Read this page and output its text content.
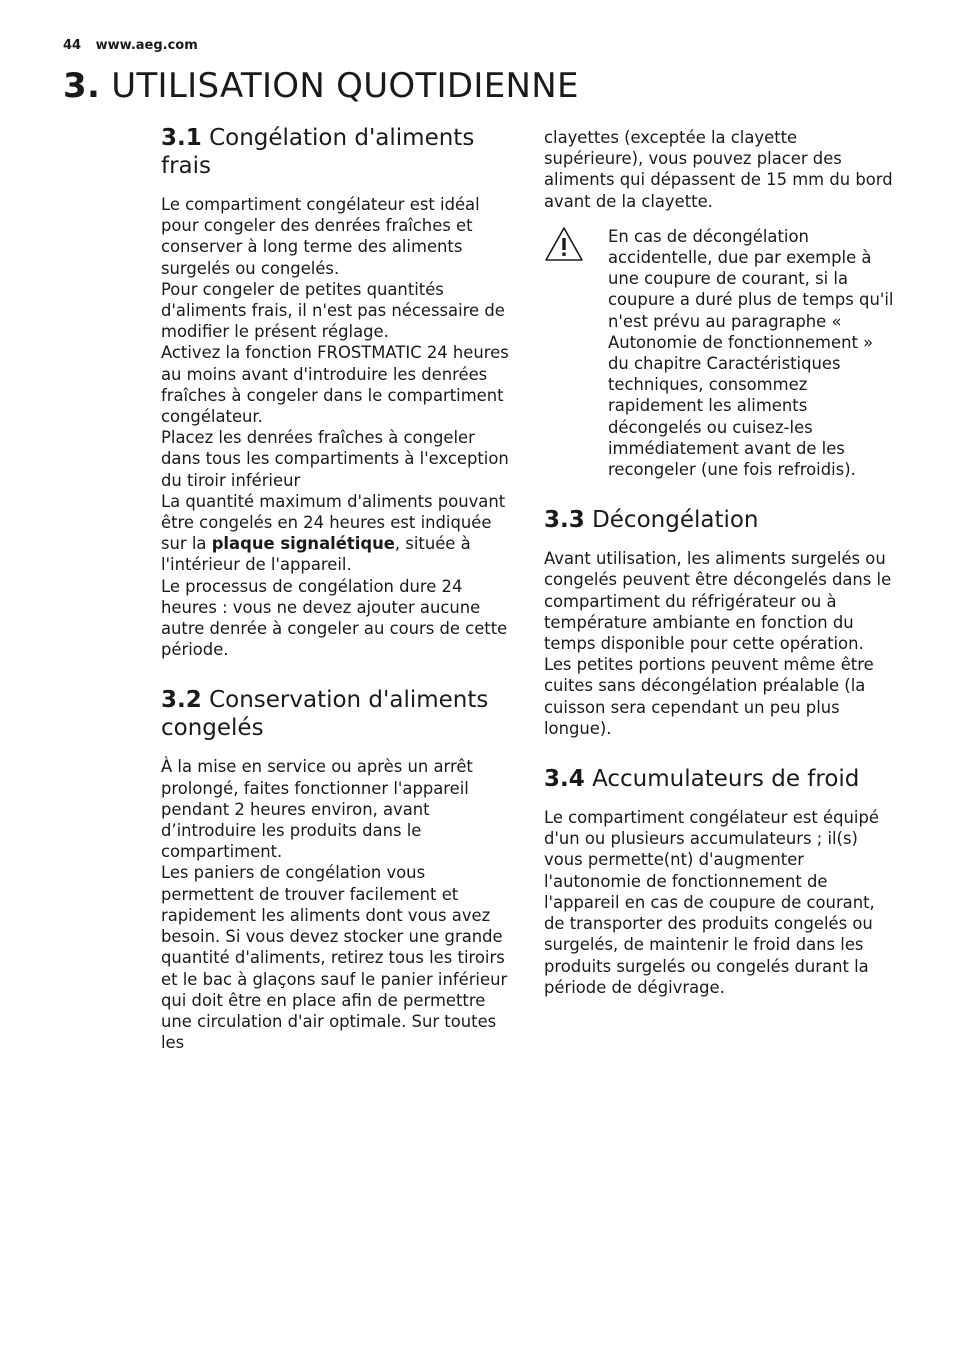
44 www.aeg.com
3. UTILISATION QUOTIDIENNE
3.1 Congélation d'aliments frais

Le compartiment congélateur est idéal pour congeler des denrées fraîches et conserver à long terme des aliments surgelés ou congelés.

Pour congeler de petites quantités d'aliments frais, il n'est pas nécessaire de modifier le présent réglage.

Activez la fonction FROSTMATIC 24 heures au moins avant d'introduire les denrées fraîches à congeler dans le compartiment congélateur.

Placez les denrées fraîches à congeler dans tous les compartiments à l'exception du tiroir inférieur

La quantité maximum d'aliments pouvant être congelés en 24 heures est indiquée sur la plaque signalétique, située à l'intérieur de l'appareil.

Le processus de congélation dure 24 heures : vous ne devez ajouter aucune autre denrée à congeler au cours de cette période.

3.2 Conservation d'aliments congelés

À la mise en service ou après un arrêt prolongé, faites fonctionner l'appareil pendant 2 heures environ, avant d’introduire les produits dans le compartiment.

Les paniers de congélation vous permettent de trouver facilement et rapidement les aliments dont vous avez besoin. Si vous devez stocker une grande quantité d'aliments, retirez tous les tiroirs et le bac à glaçons sauf le panier inférieur qui doit être en place afin de permettre une circulation d'air optimale. Sur toutes les

clayettes (exceptée la clayette supérieure), vous pouvez placer des aliments qui dépassent de 15 mm du bord avant de la clayette.

En cas de décongélation accidentelle, due par exemple à une coupure de courant, si la coupure a duré plus de temps qu'il n'est prévu au paragraphe « Autonomie de fonctionnement » du chapitre Caractéristiques techniques, consommez rapidement les aliments décongelés ou cuisez-les immédiatement avant de les recongeler (une fois refroidis).

3.3 Décongélation

Avant utilisation, les aliments surgelés ou congelés peuvent être décongelés dans le compartiment du réfrigérateur ou à température ambiante en fonction du temps disponible pour cette opération.

Les petites portions peuvent même être cuites sans décongélation préalable (la cuisson sera cependant un peu plus longue).

3.4 Accumulateurs de froid

Le compartiment congélateur est équipé d'un ou plusieurs accumulateurs ; il(s) vous permette(nt) d'augmenter l'autonomie de fonctionnement de l'appareil en cas de coupure de courant, de transporter des produits congelés ou surgelés, de maintenir le froid dans les produits surgelés ou congelés durant la période de dégivrage.
